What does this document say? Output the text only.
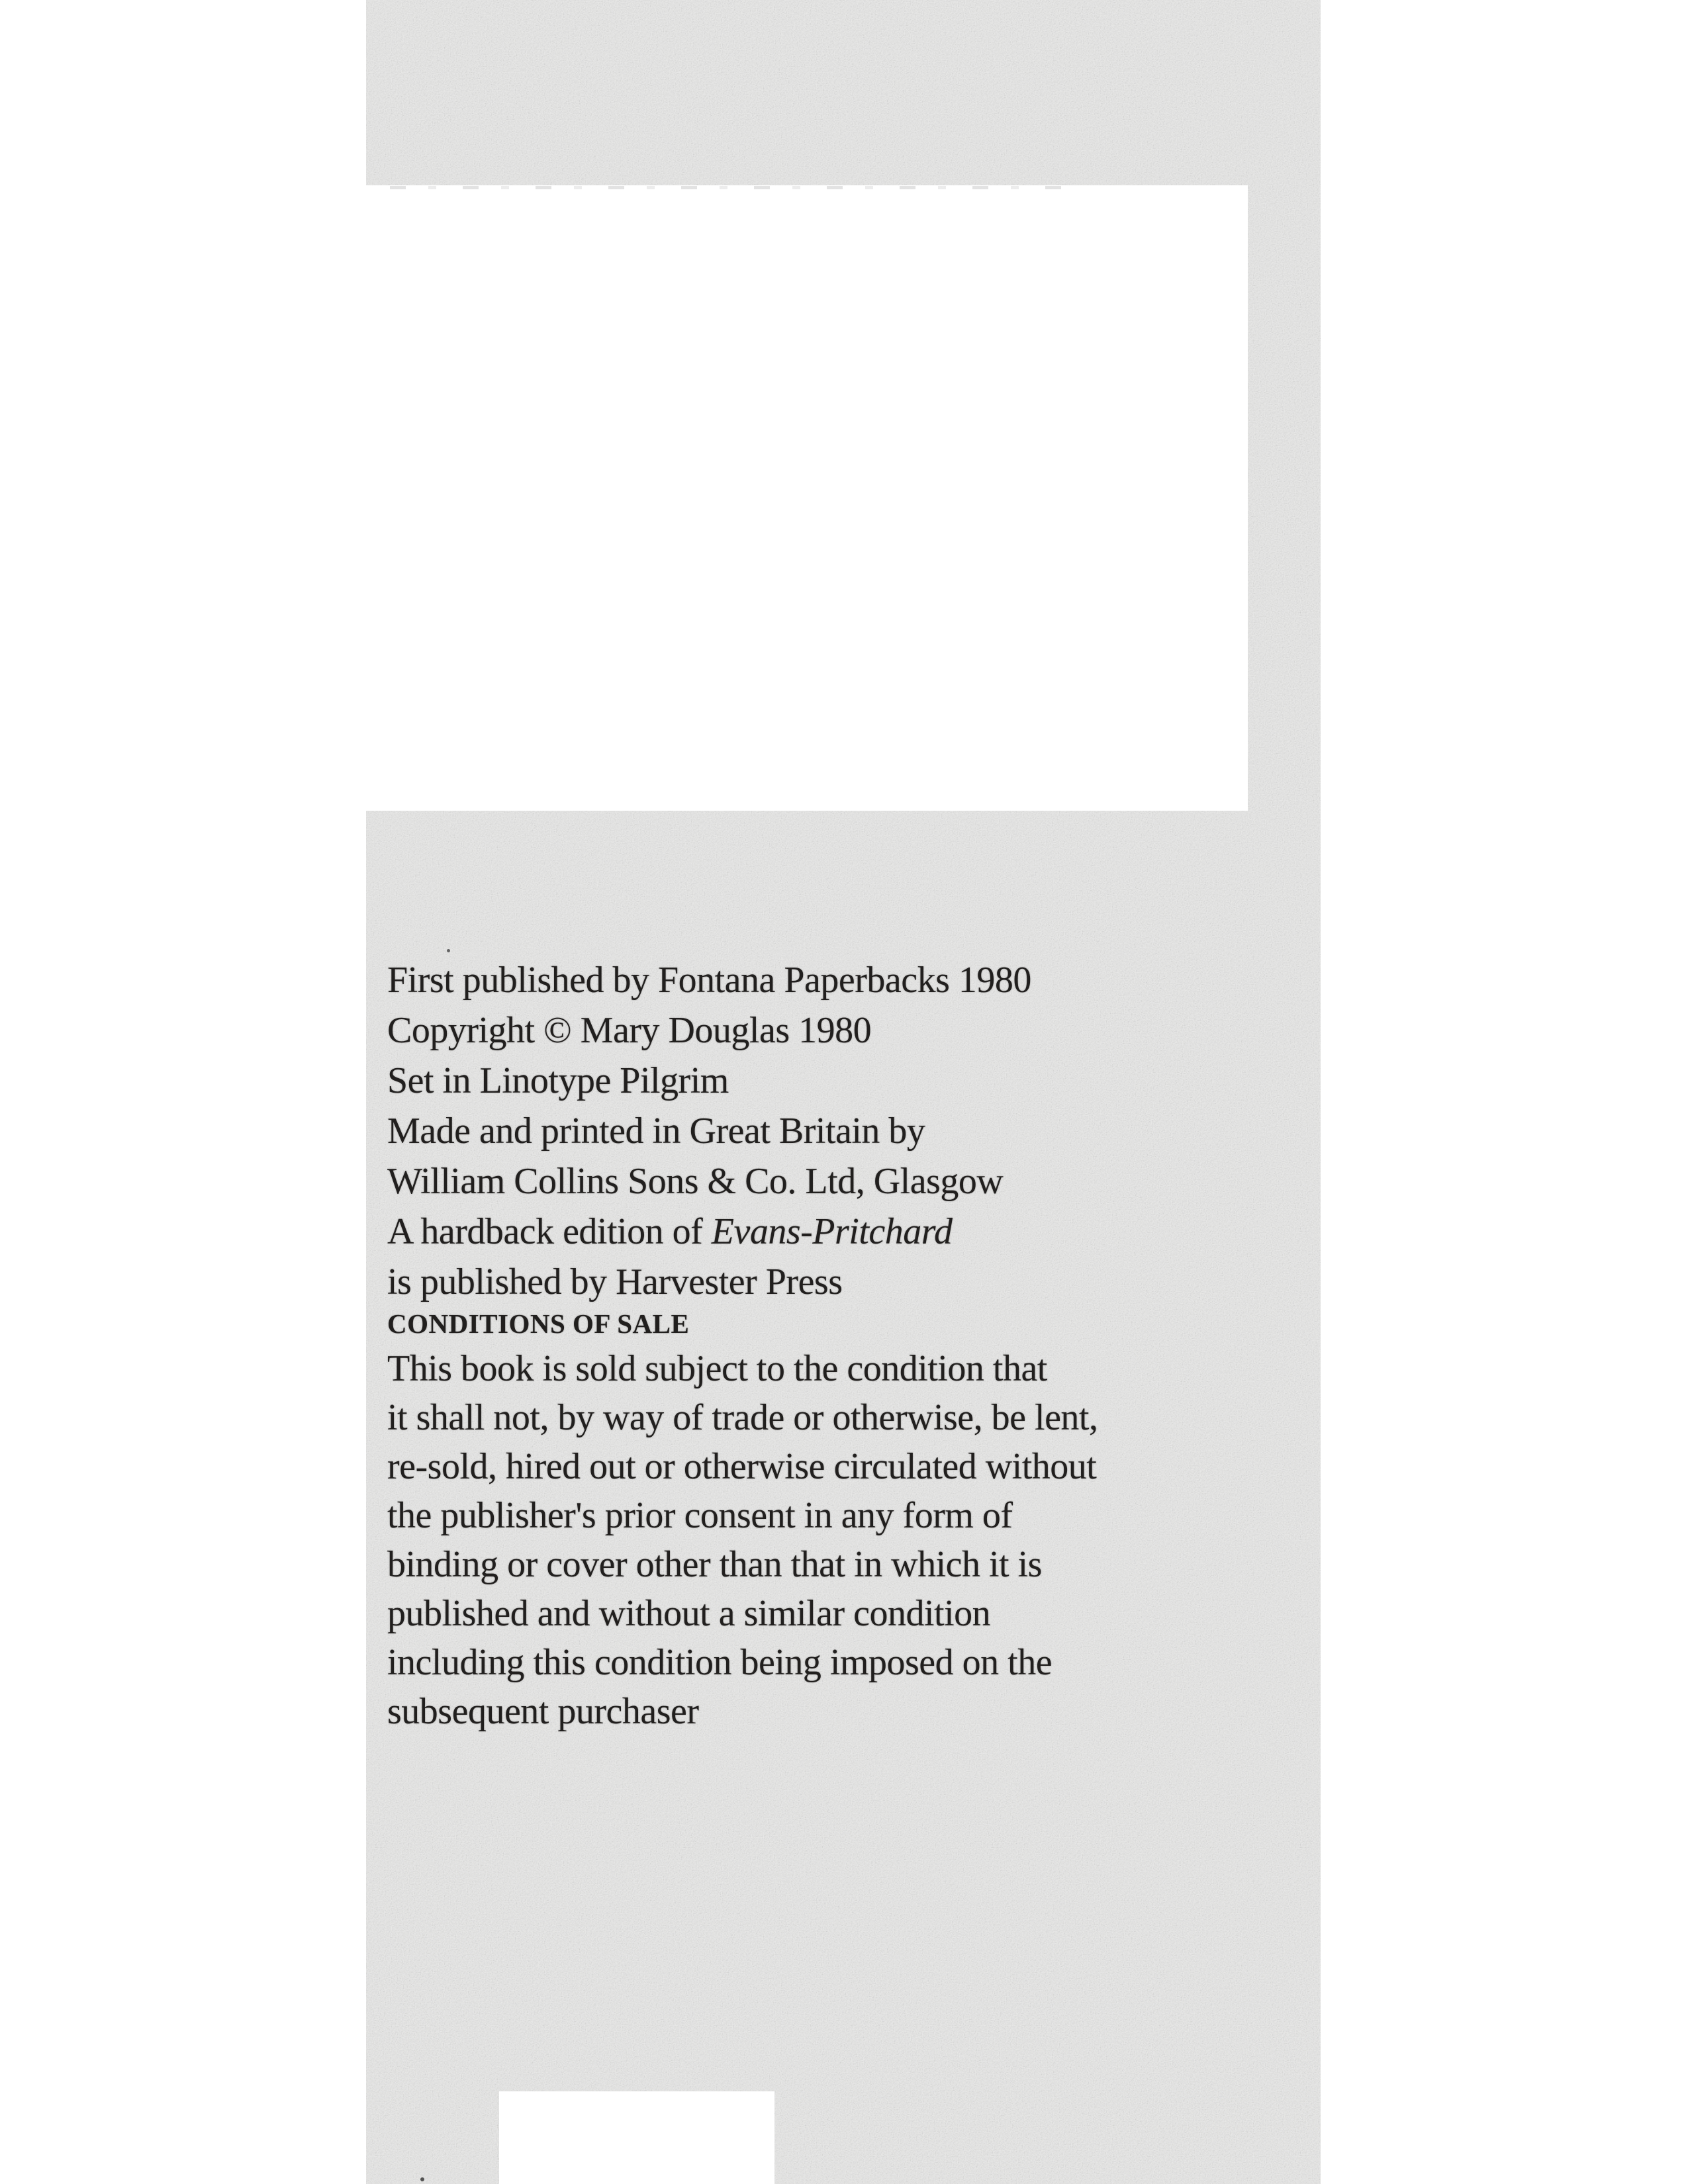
First published by Fontana Paperbacks 1980

Copyright © Mary Douglas 1980

Set in Linotype Pilgrim

Made and printed in Great Britain by

William Collins Sons & Co. Ltd, Glasgow

A hardback edition of Evans-Pritchard

is published by Harvester Press

CONDITIONS OF SALE

This book is sold subject to the condition that

it shall not, by way of trade or otherwise, be lent,

re-sold, hired out or otherwise circulated without

the publisher's prior consent in any form of

binding or cover other than that in which it is

published and without a similar condition

including this condition being imposed on the

subsequent purchaser
